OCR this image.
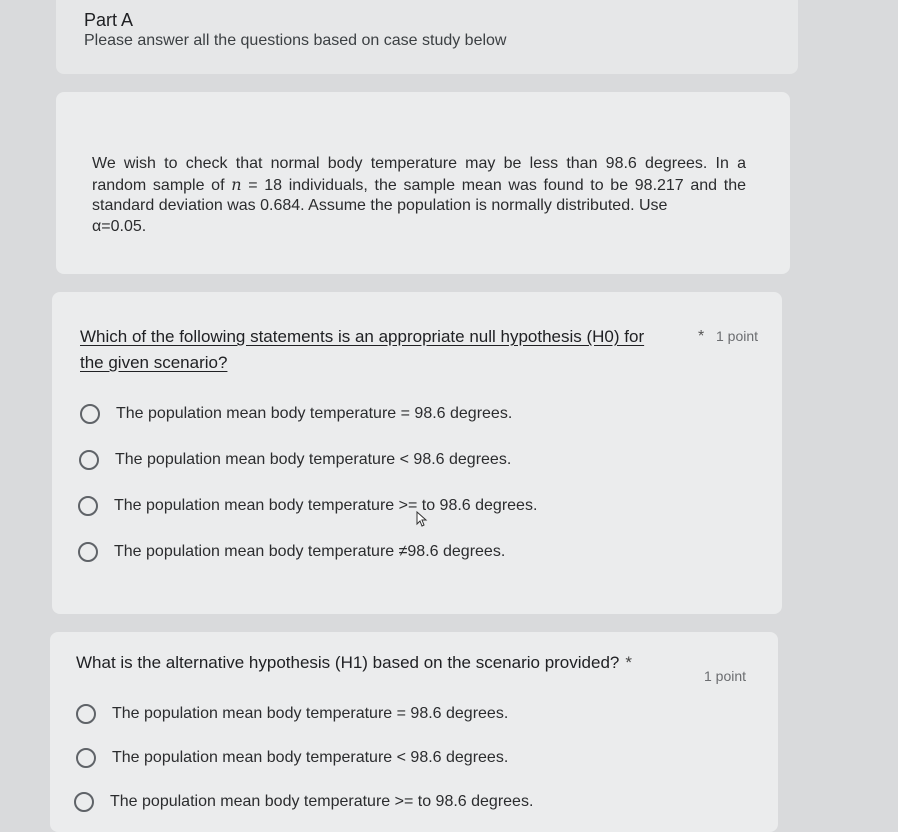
Part A
Please answer all the questions based on case study below

We wish to check that normal body temperature may be less than 98.6 degrees. In a random sample of n = 18 individuals, the sample mean was found to be 98.217 and the standard deviation was 0.684. Assume the population is normally distributed. Use
α=0.05.

Which of the following statements is an appropriate null hypothesis (H0) for the given scenario?
* 1 point
The population mean body temperature = 98.6 degrees.
The population mean body temperature < 98.6 degrees.
The population mean body temperature >= to 98.6 degrees.
The population mean body temperature ≠98.6 degrees.
What is the alternative hypothesis (H1) based on the scenario provided? *
1 point
The population mean body temperature = 98.6 degrees.
The population mean body temperature < 98.6 degrees.
The population mean body temperature >= to 98.6 degrees.
